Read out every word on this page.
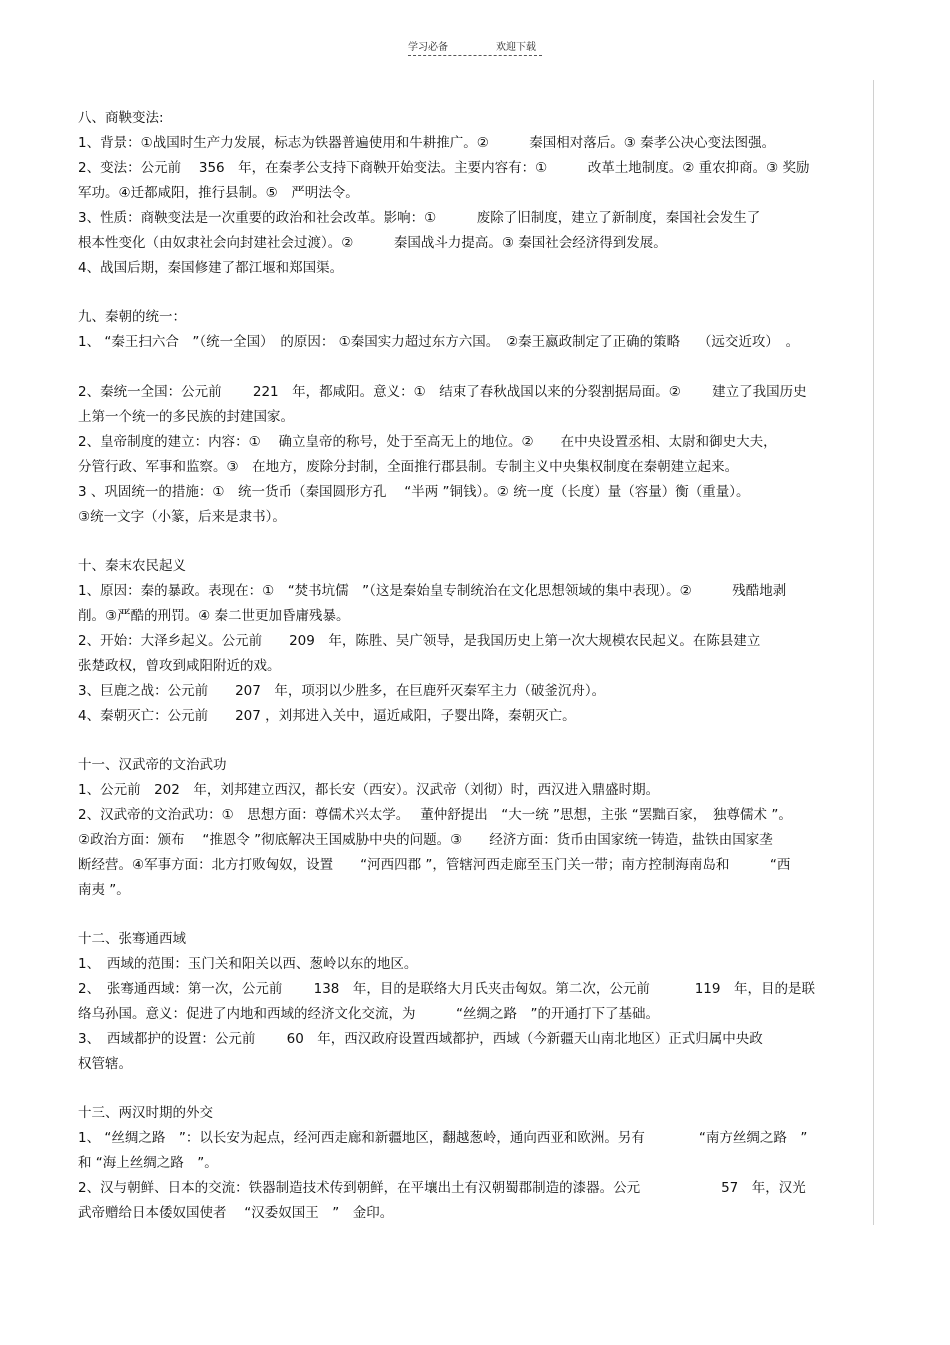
学习必备	欢迎下载
八、商鞅变法:
1、背景：①战国时生产力发展，标志为铁器普遍使用和牛耕推广。②　　　秦国相对落后。③ 秦孝公决心变法图强。
2、变法：公元前　 356　年，在秦孝公支持下商鞅开始变法。主要内容有：①　　　改革土地制度。② 重农抑商。③ 奖励
军功。④迁都咸阳，推行县制。⑤　严明法令。
3、性质：商鞅变法是一次重要的政治和社会改革。影响：①　　　废除了旧制度，建立了新制度，秦国社会发生了
根本性变化（由奴隶社会向封建社会过渡）。②　　　秦国战斗力提高。③ 秦国社会经济得到发展。
4、战国后期，秦国修建了都江堰和郑国渠。
九、秦朝的统一：
1、 “秦王扫六合　”（统一全国）　的原因： ①秦国实力超过东方六国。　②秦王嬴政制定了正确的策略　 （远交近攻）　。

2、秦统一全国：公元前　　 221　年，都咸阳。意义：①　结束了春秋战国以来的分裂割据局面。②　　 建立了我国历史
上第一个统一的多民族的封建国家。
2、皇帝制度的建立：内容：①　 确立皇帝的称号，处于至高无上的地位。②　　在中央设置丞相、太尉和御史大夫，
分管行政、军事和监察。③　在地方，废除分封制，全面推行郡县制。专制主义中央集权制度在秦朝建立起来。
3 、巩固统一的措施：①　统一货币（秦国圆形方孔　 “半两 ”铜钱）。② 统一度（长度）量（容量）衡（重量）。
③统一文字（小篆，后来是隶书）。
十、秦末农民起义
1、原因：秦的暴政。表现在：①　“焚书坑儒　”（这是秦始皇专制统治在文化思想领域的集中表现）。②　　　残酷地剥
削。③严酷的刑罚。④ 秦二世更加昏庸残暴。
2、开始：大泽乡起义。公元前　　209　年，陈胜、吴广领导，是我国历史上第一次大规模农民起义。在陈县建立
张楚政权，曾攻到咸阳附近的戏。
3、巨鹿之战：公元前　　207　年，项羽以少胜多，在巨鹿歼灭秦军主力（破釜沉舟）。
4、秦朝灭亡：公元前　　207 ，刘邦进入关中，逼近咸阳，子婴出降，秦朝灭亡。
十一、汉武帝的文治武功
1、公元前　202　年，刘邦建立西汉，都长安（西安）。汉武帝（刘彻）时，西汉进入鼎盛时期。
2、汉武帝的文治武功：①　思想方面：尊儒术兴太学。　 董仲舒提出　“大一统 ”思想，主张 “罢黜百家，　独尊儒术 ”。
②政治方面：颁布　 “推恩令 ”彻底解决王国威胁中央的问题。③　　经济方面：货币由国家统一铸造，盐铁由国家垄
断经营。④军事方面：北方打败匈奴，设置　　“河西四郡 ”，管辖河西走廊至玉门关一带；南方控制海南岛和　　　“西
南夷 ”。
十二、张骞通西域
1、　西域的范围：玉门关和阳关以西、葱岭以东的地区。
2、　张骞通西域：第一次，公元前　　 138　年，目的是联络大月氏夹击匈奴。第二次，公元前　　　 119　年，目的是联
络乌孙国。意义：促进了内地和西域的经济文化交流，为　　　“丝绸之路　”的开通打下了基础。
3、　西域都护的设置：公元前　　 60　年，西汉政府设置西域都护，西域（今新疆天山南北地区）正式归属中央政
权管辖。
十三、两汉时期的外交
1、 “丝绸之路　”：以长安为起点，经河西走廊和新疆地区，翻越葱岭，通向西亚和欧洲。另有　　　　“南方丝绸之路　”
和 “海上丝绸之路　”。
2、汉与朝鲜、日本的交流：铁器制造技术传到朝鲜，在平壤出土有汉朝蜀郡制造的漆器。公元　　　　　　57　年，汉光
武帝赠给日本倭奴国使者　 “汉委奴国王　”　金印。
